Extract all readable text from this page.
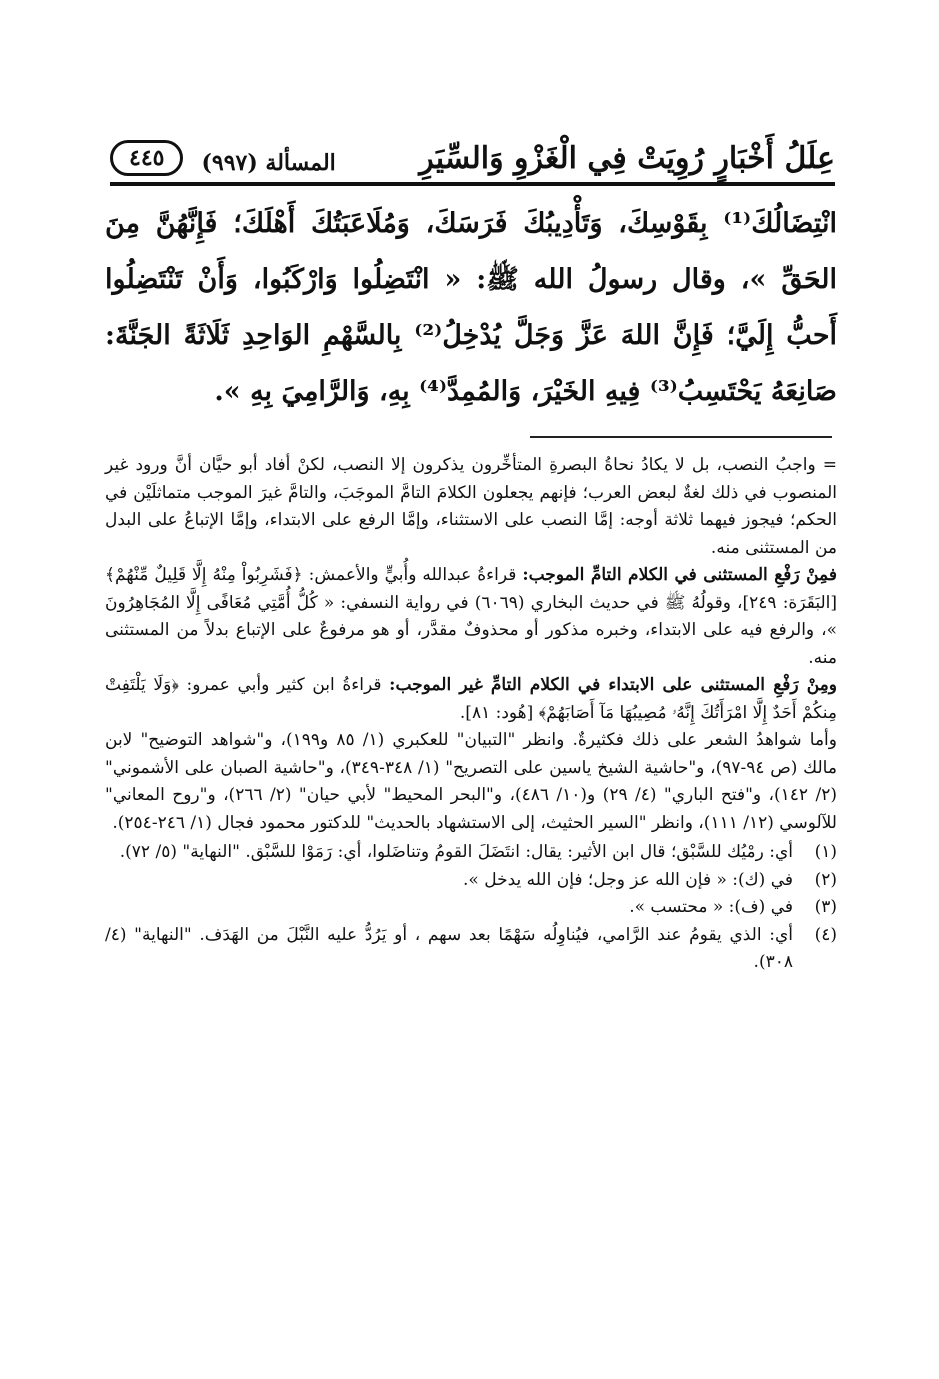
عِلَلُ أَخْبَارٍ رُوِيَتْ فِي الْغَزْوِ وَالسِّيَرِ
المسألة (٩٩٧)
٤٤٥

انْتِضَالُكَ⁽¹⁾ بِقَوْسِكَ، وَتَأْدِيبُكَ فَرَسَكَ، وَمُلَاعَبَتُكَ أَهْلَكَ؛ فَإِنَّهُنَّ مِنَ الحَقِّ »، وقال رسولُ الله ﷺ: « انْتَضِلُوا وَارْكَبُوا، وَأَنْ تَنْتَضِلُوا أَحبُّ إِلَيَّ؛ فَإِنَّ اللهَ عَزَّ وَجَلَّ يُدْخِلُ⁽²⁾ بِالسَّهْمِ الوَاحِدِ ثَلَاثَةً الجَنَّةَ: صَانِعَهُ يَحْتَسِبُ⁽³⁾ فِيهِ الخَيْرَ، وَالمُمِدَّ⁽⁴⁾ بِهِ، وَالرَّامِيَ بِهِ ».

= واجبُ النصب، بل لا يكادُ نحاةُ البصرةِ المتأخِّرون يذكرون إلا النصب، لكنْ أفاد أبو حيَّان أنَّ ورود غير المنصوب في ذلك لغةٌ لبعض العرب؛ فإنهم يجعلون الكلامَ التامَّ الموجَبَ، والتامَّ غيرَ الموجب متماثلَيْن في الحكم؛ فيجوز فيهما ثلاثة أوجه: إمَّا النصب على الاستثناء، وإمَّا الرفع على الابتداء، وإمَّا الإتباعُ على البدل من المستثنى منه.

فمِنْ رَفْعِ المستثنى في الكلام التامِّ الموجب: قراءةُ عبدالله وأُبيٍّ والأعمش: ﴿فَشَرِبُواْ مِنْهُ إِلَّا قَلِيلٌ مِّنْهُمْ﴾ [البَقَرَة: ٢٤٩]، وقولُهُ ﷺ في حديث البخاري (٦٠٦٩) في رواية النسفي: « كُلُّ أُمَّتِي مُعَافًى إِلَّا المُجَاهِرُونَ »، والرفع فيه على الابتداء، وخبره مذكور أو محذوفٌ مقدَّر، أو هو مرفوعٌ على الإتباع بدلاً من المستثنى منه.

ومِنْ رَفْعِ المستثنى على الابتداء في الكلام التامِّ غير الموجب: قراءةُ ابن كثير وأبي عمرو: ﴿وَلَا يَلْتَفِتْ مِنكُمْ أَحَدٌ إِلَّا امْرَأَتُكَ إِنَّهُۥ مُصِيبُهَا مَآ أَصَابَهُمْ﴾ [هُود: ٨١].

وأما شواهدُ الشعر على ذلك فكثيرةٌ. وانظر "التبيان" للعكبري (١/ ٨٥ و١٩٩)، و"شواهد التوضيح" لابن مالك (ص ٩٤-٩٧)، و"حاشية الشيخ ياسين على التصريح" (١/ ٣٤٨-٣٤٩)، و"حاشية الصبان على الأشموني" (٢/ ١٤٢)، و"فتح الباري" (٤/ ٢٩) و(١٠/ ٤٨٦)، و"البحر المحيط" لأبي حيان" (٢/ ٢٦٦)، و"روح المعاني" للآلوسي (١٢/ ١١١)، وانظر "السير الحثيث، إلى الاستشهاد بالحديث" للدكتور محمود فجال (١/ ٢٤٦-٢٥٤).

(١)
أي: رمْيُك للسَّبْق؛ قال ابن الأثير: يقال: انتَضَلَ القومُ وتناضَلوا، أي: رَمَوْا للسَّبْق. "النهاية" (٥/ ٧٢).
(٢)
في (ك): « فإن الله عز وجل؛ فإن الله يدخل ».
(٣)
في (ف): « محتسب ».
(٤)
أي: الذي يقومُ عند الرَّامي، فيُناوِلُه سَهْمًا بعد سهم ، أو يَرُدُّ عليه النَّبْلَ من الهَدَف. "النهاية" (٤/ ٣٠٨).
